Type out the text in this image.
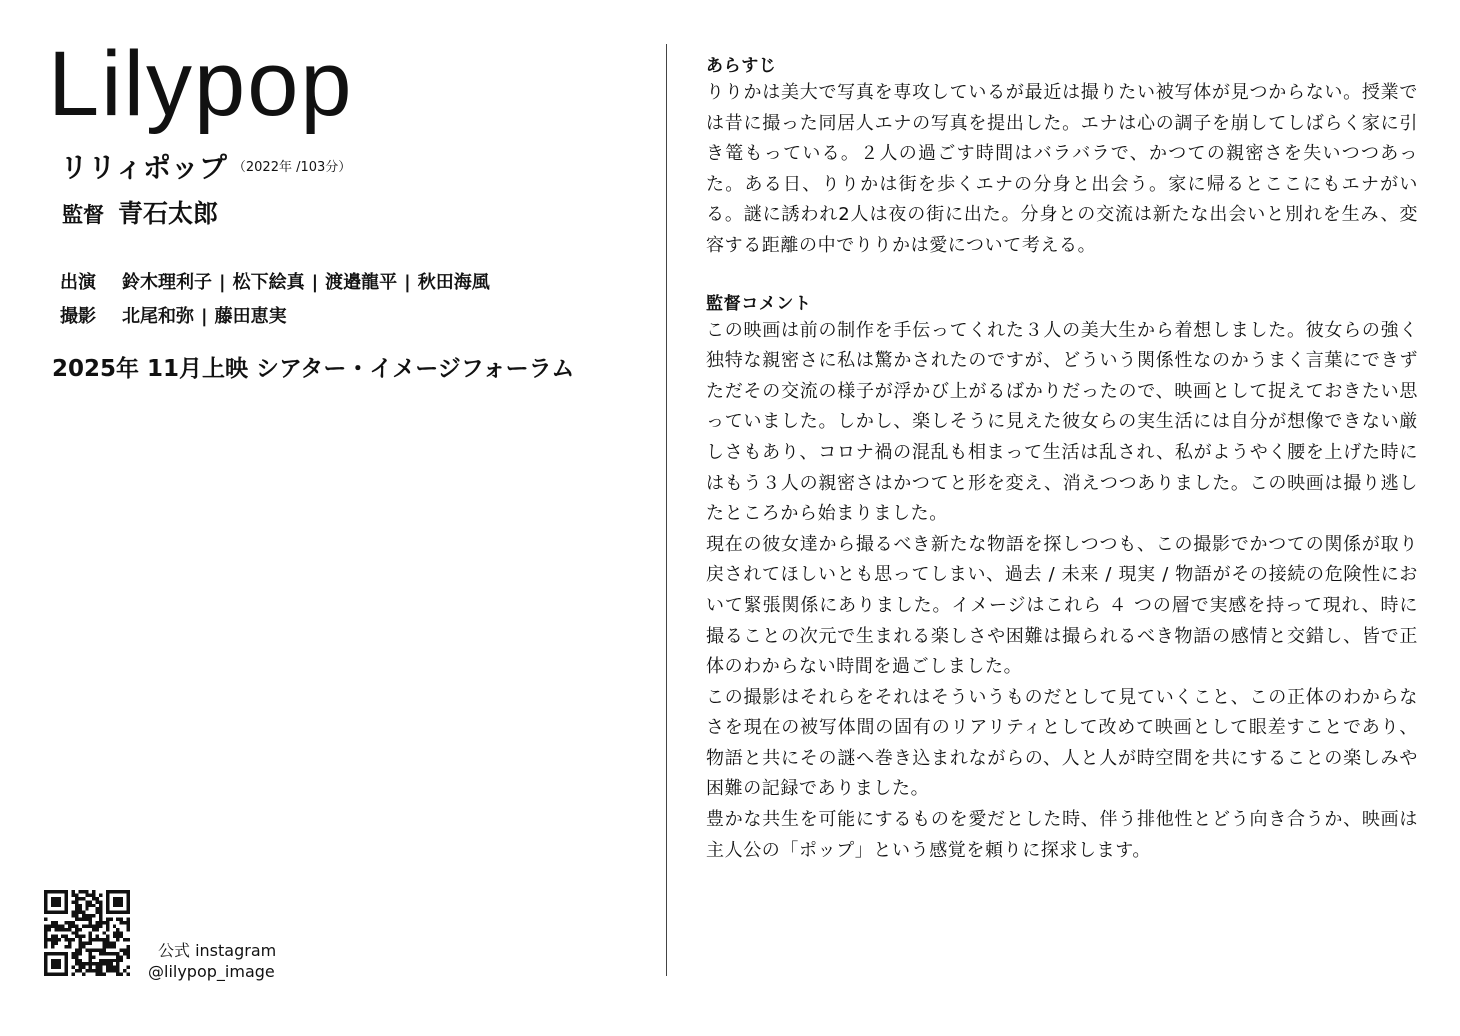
Lilypop
リリィポップ $^{(2022年 /103分)}$
監督 青石太郎
出演 鈴木理利子 | 松下絵真 | 渡邉龍平 | 秋田海風
撮影 北尾和弥 | 藤田恵実
2025年 11月上映 シアター・イメージフォーラム
公式 instagram
@lilypop_image
あらすじ

りりかは美大で写真を専攻しているが最近は撮りたい被写体が見つからない。授業では昔に撮った同居人エナの写真を提出した。エナは心の調子を崩してしばらく家に引き篭もっている。２人の過ごす時間はバラバラで、かつての親密さを失いつつあった。ある日、りりかは街を歩くエナの分身と出会う。家に帰るとここにもエナがいる。謎に誘われ2人は夜の街に出た。分身との交流は新たな出会いと別れを生み、変容する距離の中でりりかは愛について考える。

監督コメント

この映画は前の制作を手伝ってくれた３人の美大生から着想しました。彼女らの強く独特な親密さに私は驚かされたのですが、どういう関係性なのかうまく言葉にできずただその交流の様子が浮かび上がるばかりだったので、映画として捉えておきたい思っていました。しかし、楽しそうに見えた彼女らの実生活には自分が想像できない厳しさもあり、コロナ禍の混乱も相まって生活は乱され、私がようやく腰を上げた時にはもう３人の親密さはかつてと形を変え、消えつつありました。この映画は撮り逃したところから始まりました。

現在の彼女達から撮るべき新たな物語を探しつつも、この撮影でかつての関係が取り戻されてほしいとも思ってしまい、過去 / 未来 / 現実 / 物語がその接続の危険性において緊張関係にありました。イメージはこれら ４ つの層で実感を持って現れ、時に撮ることの次元で生まれる楽しさや困難は撮られるべき物語の感情と交錯し、皆で正体のわからない時間を過ごしました。

この撮影はそれらをそれはそういうものだとして見ていくこと、この正体のわからなさを現在の被写体間の固有のリアリティとして改めて映画として眼差すことであり、物語と共にその謎へ巻き込まれながらの、人と人が時空間を共にすることの楽しみや困難の記録でありました。

豊かな共生を可能にするものを愛だとした時、伴う排他性とどう向き合うか、映画は主人公の「ポップ」という感覚を頼りに探求します。
